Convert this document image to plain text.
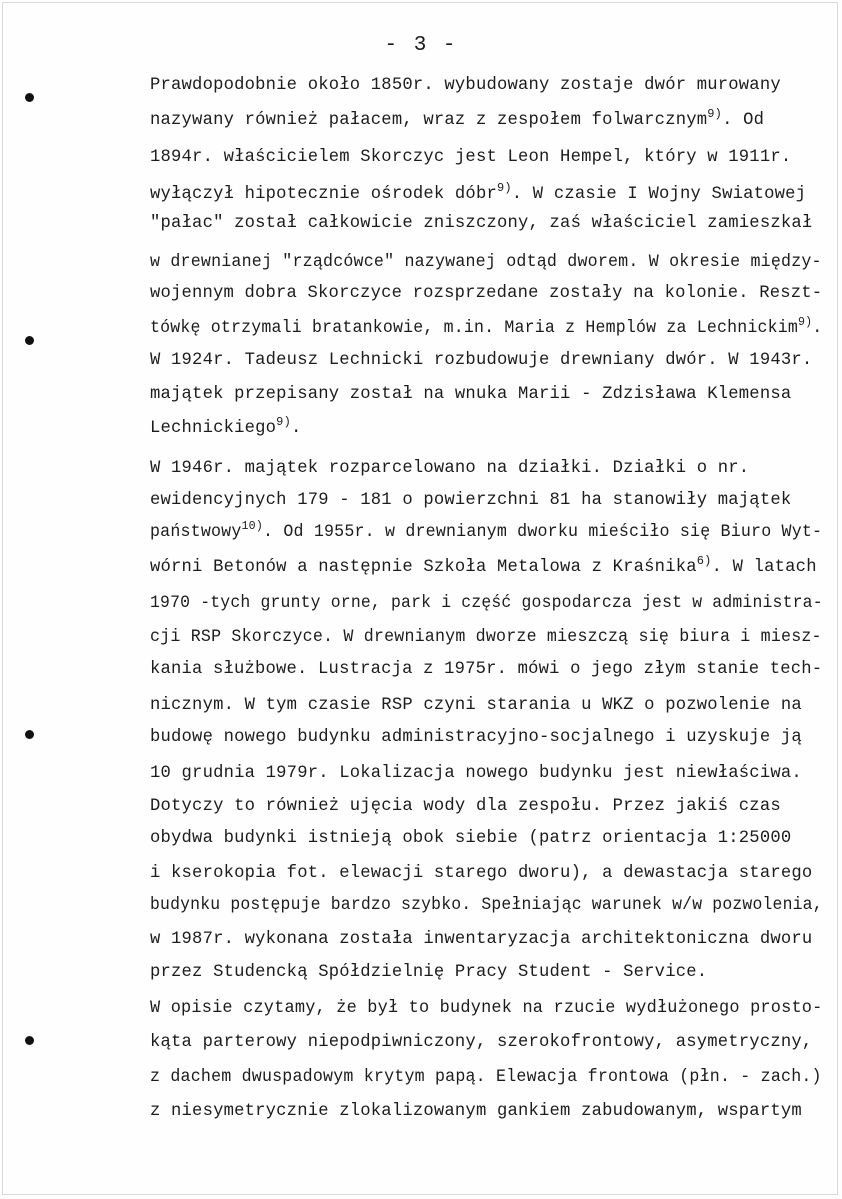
- 3 -
Prawdopodobnie około 1850r. wybudowany zostaje dwór murowany
nazywany również pałacem, wraz z zespołem folwarcznym$^{9)}$. Od
1894r. właścicielem Skorczyc jest Leon Hempel, który w 1911r.
wyłączył hipotecznie ośrodek dóbr$^{9)}$. W czasie I Wojny Swiatowej
"pałac" został całkowicie zniszczony, zaś właściciel zamieszkał
w drewnianej "rządcówce" nazywanej odtąd dworem. W okresie między-
wojennym dobra Skorczyce rozsprzedane zostały na kolonie. Reszt-
tówkę otrzymali bratankowie, m.in. Maria z Hemplów za Lechnickim$^{9)}$.
W 1924r. Tadeusz Lechnicki rozbudowuje drewniany dwór. W 1943r.
majątek przepisany został na wnuka Marii - Zdzisława Klemensa
Lechnickiego$^{9)}$.
W 1946r. majątek rozparcelowano na działki. Działki o nr.
ewidencyjnych 179 - 181 o powierzchni 81 ha stanowiły majątek
państwowy$^{10)}$. Od 1955r. w drewnianym dworku mieściło się Biuro Wyt-
wórni Betonów a następnie Szkoła Metalowa z Kraśnika$^{6)}$. W latach
1970 -tych grunty orne, park i część gospodarcza jest w administra-
cji RSP Skorczyce. W drewnianym dworze mieszczą się biura i miesz-
kania służbowe. Lustracja z 1975r. mówi o jego złym stanie tech-
nicznym. W tym czasie RSP czyni starania u WKZ o pozwolenie na
budowę nowego budynku administracyjno-socjalnego i uzyskuje ją
10 grudnia 1979r. Lokalizacja nowego budynku jest niewłaściwa.
Dotyczy to również ujęcia wody dla zespołu. Przez jakiś czas
obydwa budynki istnieją obok siebie (patrz orientacja 1:25000
i kserokopia fot. elewacji starego dworu), a dewastacja starego
budynku postępuje bardzo szybko. Spełniając warunek w/w pozwolenia,
w 1987r. wykonana została inwentaryzacja architektoniczna dworu
przez Studencką Spółdzielnię Pracy Student - Service.
W opisie czytamy, że był to budynek na rzucie wydłużonego prosto-
kąta parterowy niepodpiwniczony, szerokofrontowy, asymetryczny,
z dachem dwuspadowym krytym papą. Elewacja frontowa (płn. - zach.)
z niesymetrycznie zlokalizowanym gankiem zabudowanym, wspartym
